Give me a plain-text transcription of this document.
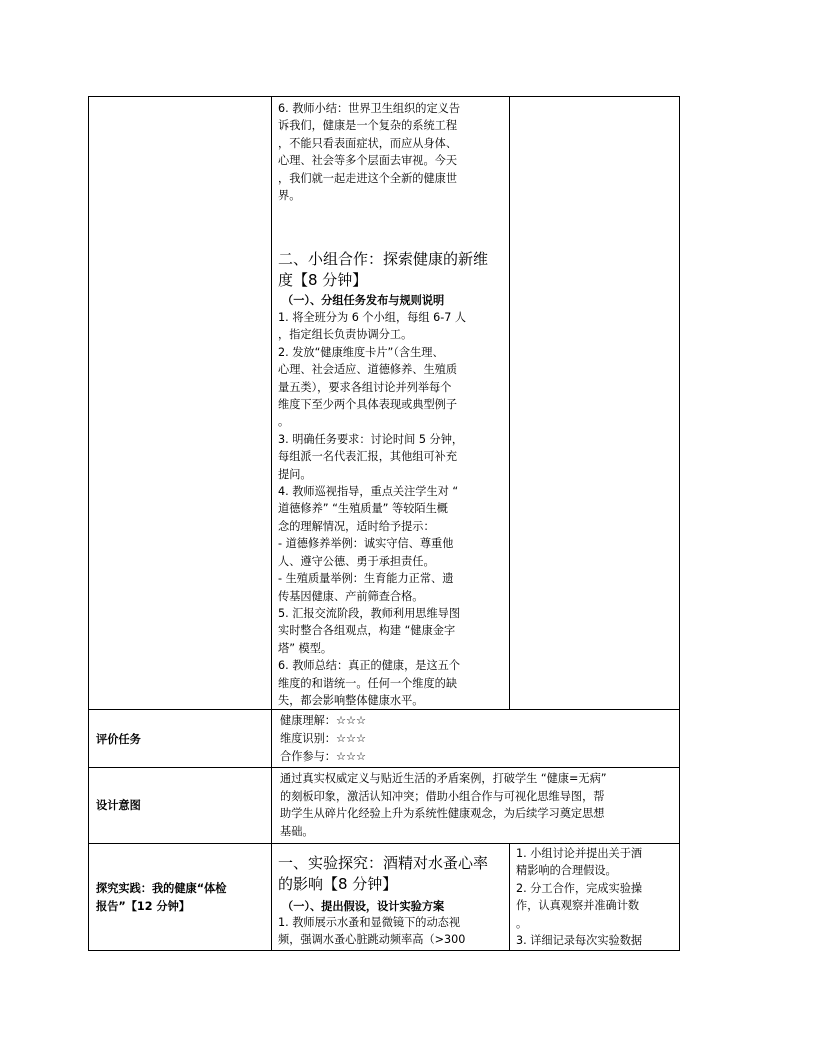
6. 教师小结：世界卫生组织的定义告
诉我们，健康是一个复杂的系统工程
，不能只看表面症状，而应从身体、
心理、社会等多个层面去审视。今天
，我们就一起走进这个全新的健康世
界。
二、小组合作：探索健康的新维
度【8 分钟】
（一）、分组任务发布与规则说明
1. 将全班分为 6 个小组，每组 6-7 人
，指定组长负责协调分工。
2. 发放“健康维度卡片”（含生理、
心理、社会适应、道德修养、生殖质
量五类），要求各组讨论并列举每个
维度下至少两个具体表现或典型例子
。
3. 明确任务要求：讨论时间 5 分钟，
每组派一名代表汇报，其他组可补充
提问。
4. 教师巡视指导，重点关注学生对 “
道德修养” “生殖质量” 等较陌生概
念的理解情况，适时给予提示：
- 道德修养举例：诚实守信、尊重他
人、遵守公德、勇于承担责任。
- 生殖质量举例：生育能力正常、遗
传基因健康、产前筛查合格。
5. 汇报交流阶段，教师利用思维导图
实时整合各组观点，构建 “健康金字
塔” 模型。
6. 教师总结：真正的健康，是这五个
维度的和谐统一。任何一个维度的缺
失，都会影响整体健康水平。
评价任务
健康理解：☆☆☆
维度识别：☆☆☆
合作参与：☆☆☆
设计意图
通过真实权威定义与贴近生活的矛盾案例，打破学生 “健康=无病”
的刻板印象，激活认知冲突；借助小组合作与可视化思维导图，帮
助学生从碎片化经验上升为系统性健康观念，为后续学习奠定思想
基础。
探究实践：我的健康“体检
报告”【12 分钟】
一、实验探究：酒精对水蚤心率
的影响【8 分钟】
（一）、提出假设，设计实验方案
1. 教师展示水蚤和显微镜下的动态视
频，强调水蚤心脏跳动频率高（>300
1. 小组讨论并提出关于酒
精影响的合理假设。
2. 分工合作，完成实验操
作，认真观察并准确计数
。
3. 详细记录每次实验数据
